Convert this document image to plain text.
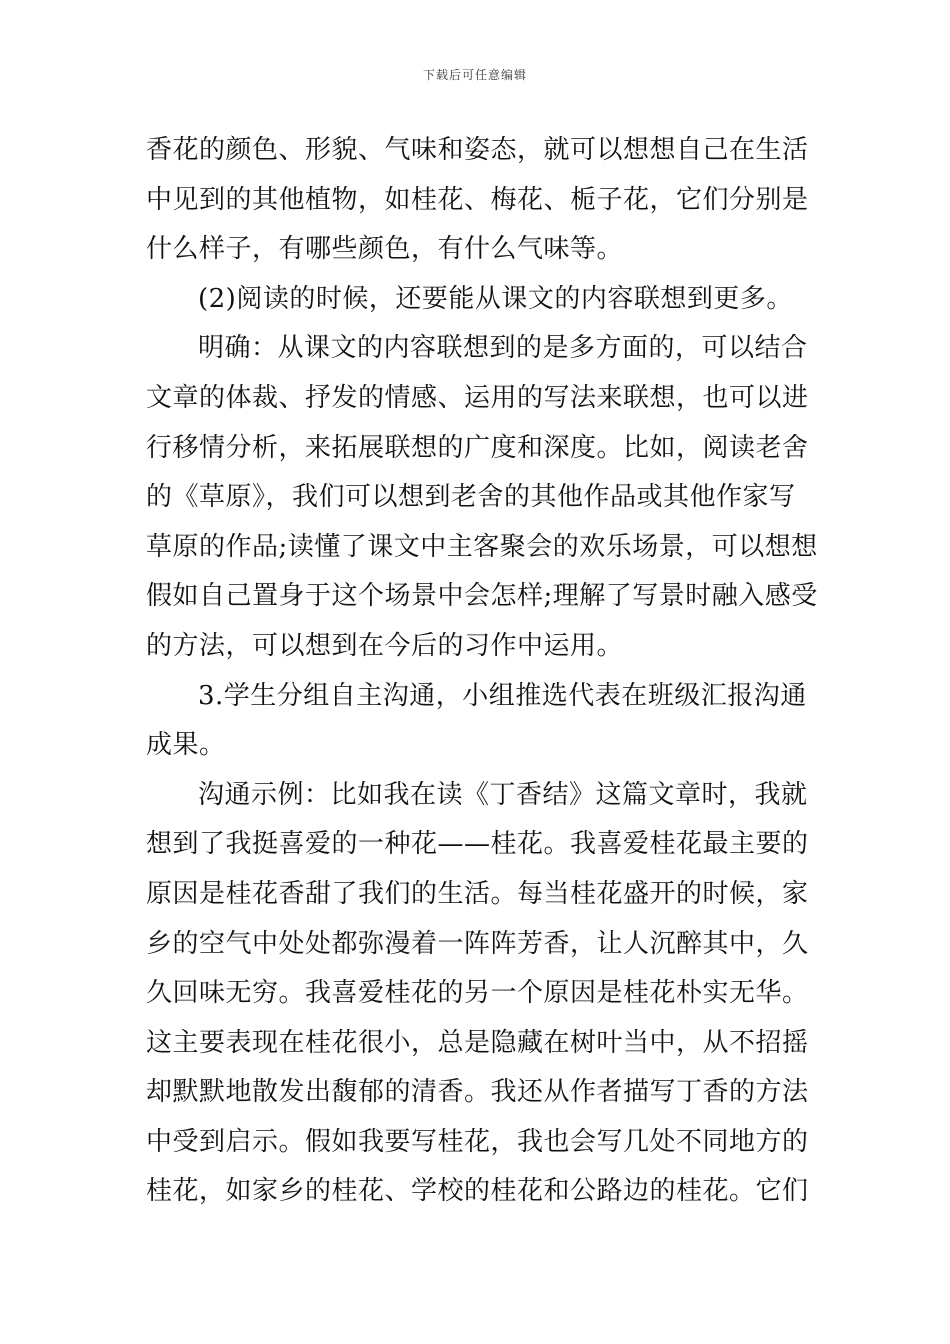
下载后可任意编辑
香花的颜色、形貌、气味和姿态，就可以想想自己在生活
中见到的其他植物，如桂花、梅花、栀子花，它们分别是
什么样子，有哪些颜色，有什么气味等。
(2)阅读的时候，还要能从课文的内容联想到更多。
明确：从课文的内容联想到的是多方面的，可以结合
文章的体裁、抒发的情感、运用的写法来联想，也可以进
行移情分析，来拓展联想的广度和深度。比如，阅读老舍
的《草原》，我们可以想到老舍的其他作品或其他作家写
草原的作品;读懂了课文中主客聚会的欢乐场景，可以想想
假如自己置身于这个场景中会怎样;理解了写景时融入感受
的方法，可以想到在今后的习作中运用。
3.学生分组自主沟通，小组推选代表在班级汇报沟通
成果。
沟通示例：比如我在读《丁香结》这篇文章时，我就
想到了我挺喜爱的一种花——桂花。我喜爱桂花最主要的
原因是桂花香甜了我们的生活。每当桂花盛开的时候，家
乡的空气中处处都弥漫着一阵阵芳香，让人沉醉其中，久
久回味无穷。我喜爱桂花的另一个原因是桂花朴实无华。
这主要表现在桂花很小，总是隐藏在树叶当中，从不招摇
却默默地散发出馥郁的清香。我还从作者描写丁香的方法
中受到启示。假如我要写桂花，我也会写几处不同地方的
桂花，如家乡的桂花、学校的桂花和公路边的桂花。它们
